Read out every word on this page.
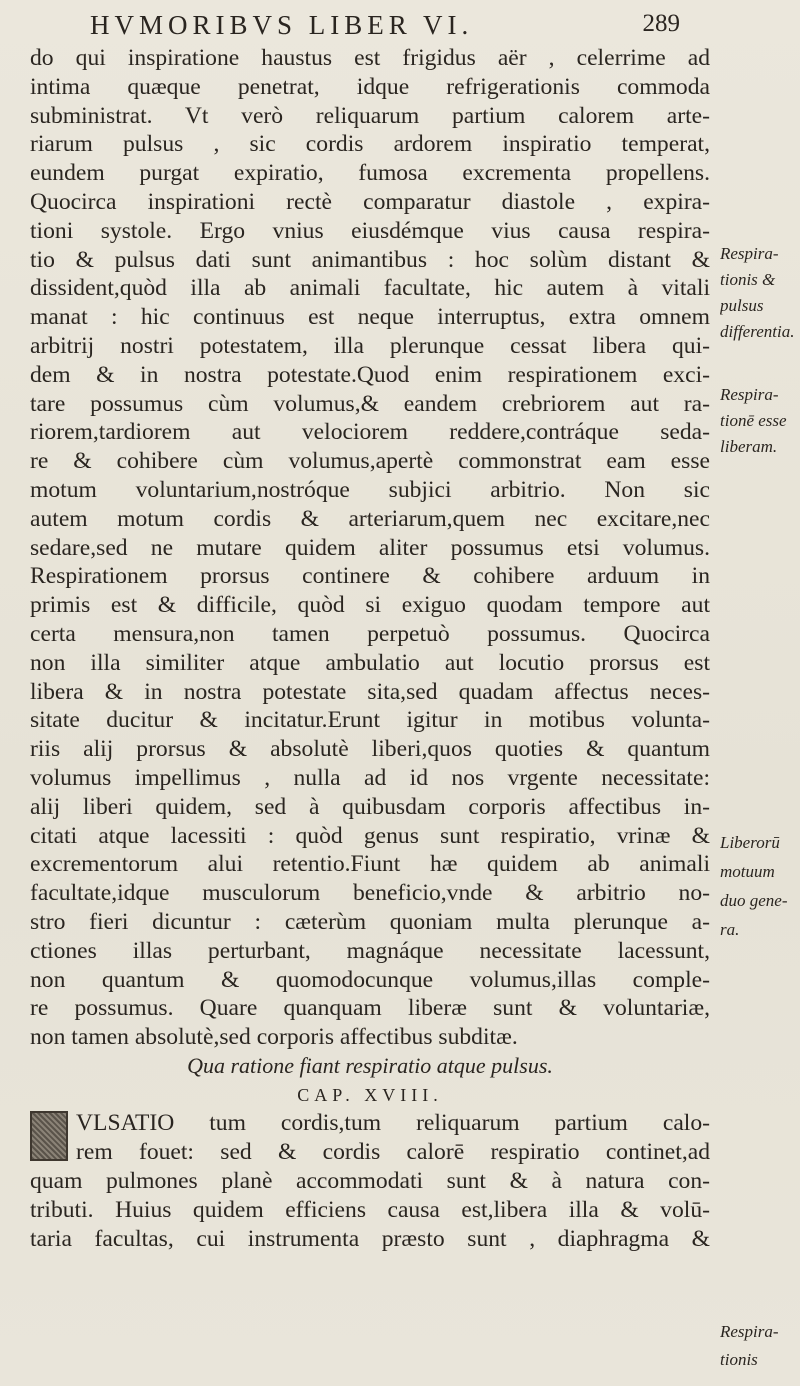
HVMORIBVS LIBER VI.	289
do qui inspiratione haustus est frigidus aër , celerrime ad
intima quæque penetrat, idque refrigerationis commoda
subministrat. Vt verò reliquarum partium calorem arte-
riarum pulsus , sic cordis ardorem inspiratio temperat,
eundem purgat expiratio, fumosa excrementa propellens.
Quocirca inspirationi rectè comparatur diastole , expira-
tioni systole. Ergo vnius eiusdémque vius causa respira-
tio & pulsus dati sunt animantibus : hoc solùm distant &
dissident,quòd illa ab animali facultate, hic autem à vitali
manat : hic continuus est neque interruptus, extra omnem
arbitrij nostri potestatem, illa plerunque cessat libera qui-
dem & in nostra potestate.Quod enim respirationem exci-
tare possumus cùm volumus,& eandem crebriorem aut ra-
riorem,tardiorem aut velociorem reddere,contráque seda-
re & cohibere cùm volumus,apertè commonstrat eam esse
motum voluntarium,nostróque subjici arbitrio. Non sic
autem motum cordis & arteriarum,quem nec excitare,nec
sedare,sed ne mutare quidem aliter possumus etsi volumus.
Respirationem prorsus continere & cohibere arduum in
primis est & difficile, quòd si exiguo quodam tempore aut
certa mensura,non tamen perpetuò possumus. Quocirca
non illa similiter atque ambulatio aut locutio prorsus est
libera & in nostra potestate sita,sed quadam affectus neces-
sitate ducitur & incitatur.Erunt igitur in motibus volunta-
riis alij prorsus & absolutè liberi,quos quoties & quantum
volumus impellimus , nulla ad id nos vrgente necessitate:
alij liberi quidem, sed à quibusdam corporis affectibus in-
citati atque lacessiti : quòd genus sunt respiratio, vrinæ &
excrementorum alui retentio.Fiunt hæ quidem ab animali
facultate,idque musculorum beneficio,vnde & arbitrio no-
stro fieri dicuntur : cæterùm quoniam multa plerunque a-
ctiones illas perturbant, magnáque necessitate lacessunt,
non quantum & quomodocunque volumus,illas comple-
re possumus. Quare quanquam liberæ sunt & voluntariæ,
non tamen absolutè,sed corporis affectibus subditæ.
Qua ratione fiant respiratio atque pulsus.
CAP. XVIII.
VLSATIO tum cordis,tum reliquarum partium calo-
rem fouet: sed & cordis calorē respiratio continet,ad
quam pulmones planè accommodati sunt & à natura con-
tributi. Huius quidem efficiens causa est,libera illa & volū-
taria facultas, cui instrumenta præsto sunt , diaphragma &
Respira-
tionis &
pulsus
differentia.
Respira-
tionē esse
liberam.
Liberorū
motuum
duo gene-
ra.
Respira-
tionis
